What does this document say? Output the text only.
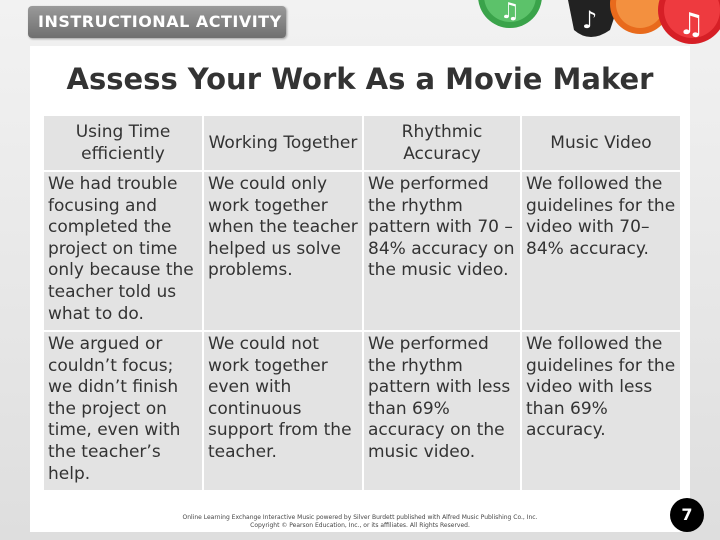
♫	♪	♫
INSTRUCTIONAL ACTIVITY
Assess Your Work As a Movie Maker
Using Time efficiently	Working Together	Rhythmic Accuracy	Music Video
We had trouble focusing and completed the project on time only because the teacher told us what to do.	We could only work together when the teacher helped us solve problems.	We performed the rhythm pattern with 70 –84% accuracy on the music video.	We followed the guidelines for the video with 70–84% accuracy.
We argued or couldn’t focus; we didn’t finish the project on time, even with the teacher’s help.	We could not work together even with continuous support from the teacher.	We performed the rhythm pattern with less than 69% accuracy on the music video.	We followed the guidelines for the video with less than 69% accuracy.
Online Learning Exchange Interactive Music powered by Silver Burdett published with Alfred Music Publishing Co., Inc.
Copyright © Pearson Education, Inc., or its affiliates. All Rights Reserved.
7
